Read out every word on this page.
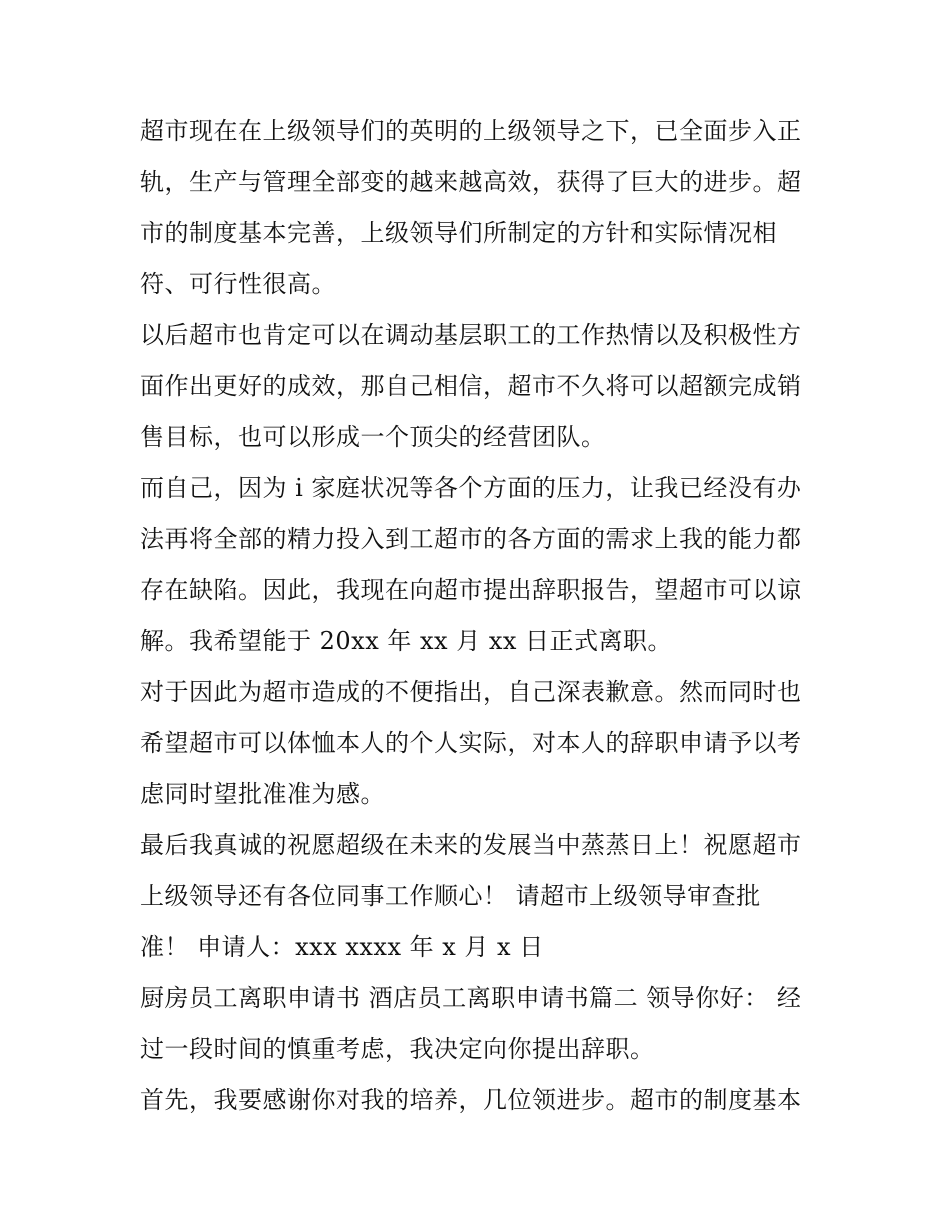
超市现在在上级领导们的英明的上级领导之下，已全面步入正
轨，生产与管理全部变的越来越高效，获得了巨大的进步。超
市的制度基本完善，上级领导们所制定的方针和实际情况相
符、可行性很高。

以后超市也肯定可以在调动基层职工的工作热情以及积极性方
面作出更好的成效，那自己相信，超市不久将可以超额完成销
售目标，也可以形成一个顶尖的经营团队。

而自己，因为 i 家庭状况等各个方面的压力，让我已经没有办
法再将全部的精力投入到工超市的各方面的需求上我的能力都
存在缺陷。因此，我现在向超市提出辞职报告，望超市可以谅
解。我希望能于 20xx 年 xx 月 xx 日正式离职。

对于因此为超市造成的不便指出，自己深表歉意。然而同时也
希望超市可以体恤本人的个人实际，对本人的辞职申请予以考
虑同时望批准准为感。

最后我真诚的祝愿超级在未来的发展当中蒸蒸日上！祝愿超市
上级领导还有各位同事工作顺心！ 请超市上级领导审查批
准！ 申请人：xxx xxxx 年 x 月 x 日

厨房员工离职申请书 酒店员工离职申请书篇二 领导你好： 经
过一段时间的慎重考虑，我决定向你提出辞职。

首先，我要感谢你对我的培养，几位领进步。超市的制度基本
